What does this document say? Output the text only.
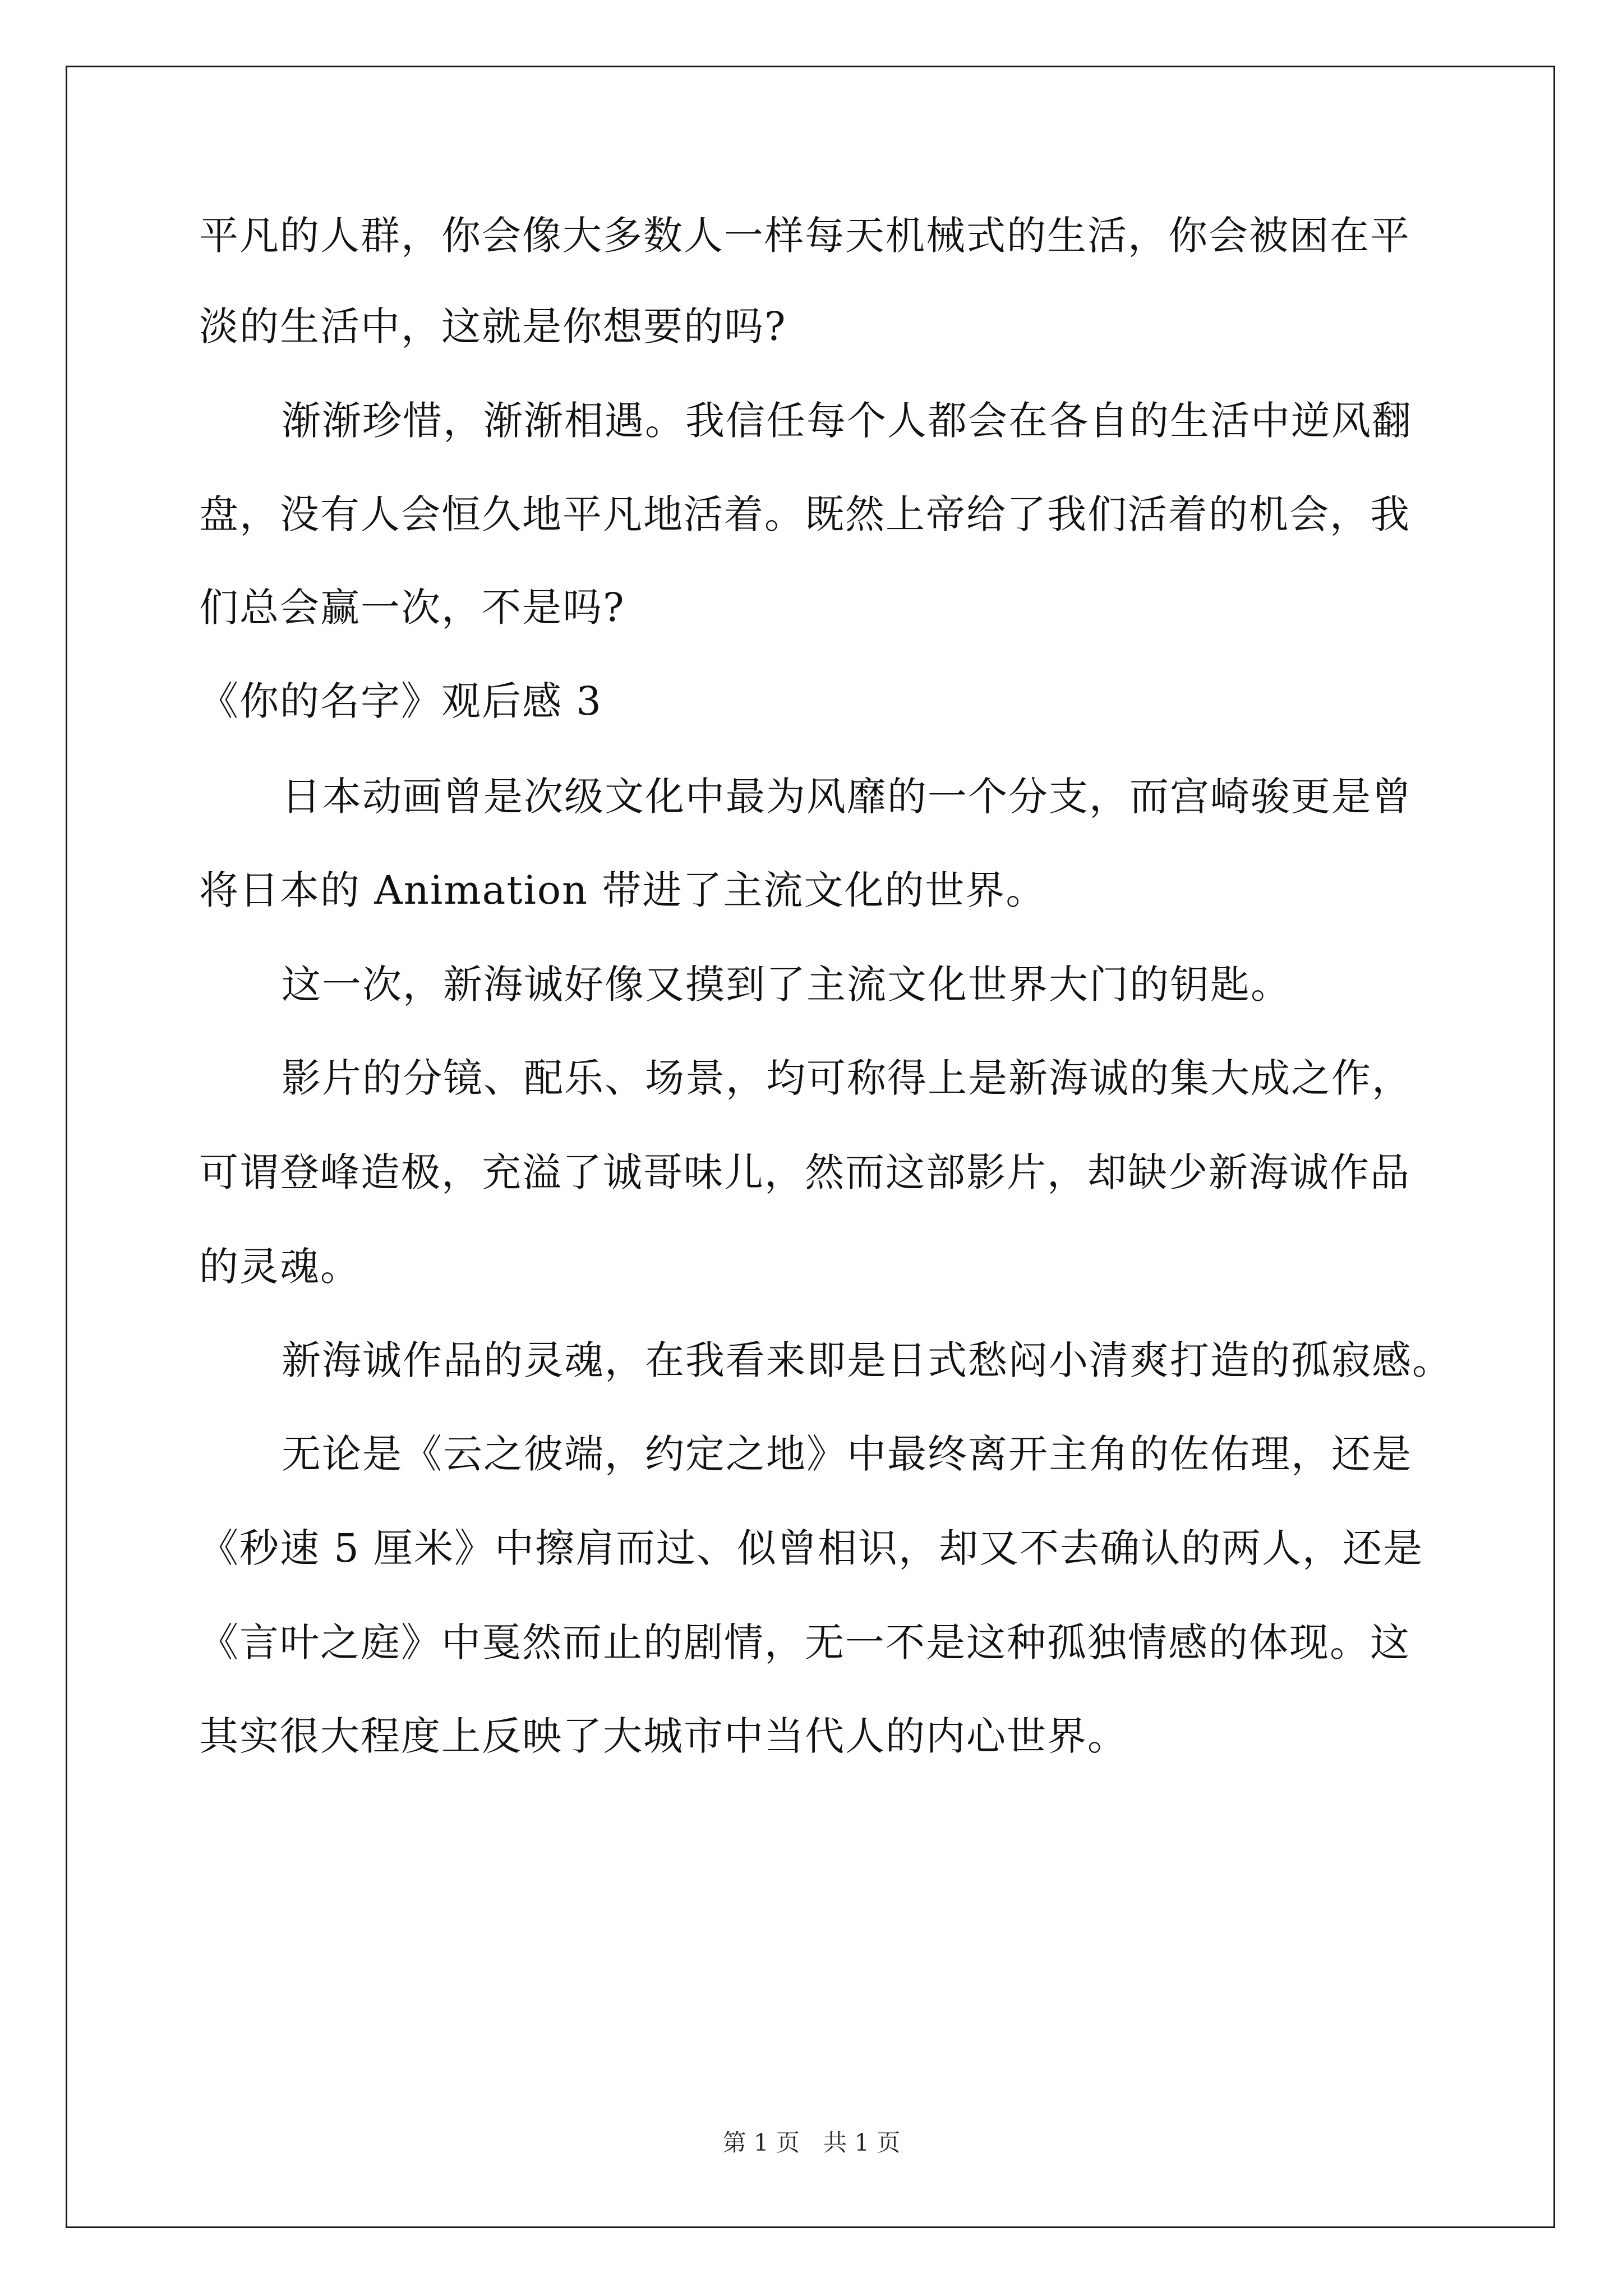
平凡的人群，你会像大多数人一样每天机械式的生活，你会被困在平
淡的生活中，这就是你想要的吗?
渐渐珍惜，渐渐相遇。我信任每个人都会在各自的生活中逆风翻
盘，没有人会恒久地平凡地活着。既然上帝给了我们活着的机会，我
们总会赢一次，不是吗?
《你的名字》观后感 3
日本动画曾是次级文化中最为风靡的一个分支，而宫崎骏更是曾
将日本的 Animation 带进了主流文化的世界。
这一次，新海诚好像又摸到了主流文化世界大门的钥匙。
影片的分镜、配乐、场景，均可称得上是新海诚的集大成之作，
可谓登峰造极，充溢了诚哥味儿，然而这部影片，却缺少新海诚作品
的灵魂。
新海诚作品的灵魂，在我看来即是日式愁闷小清爽打造的孤寂感。
无论是《云之彼端，约定之地》中最终离开主角的佐佑理，还是
《秒速 5 厘米》中擦肩而过、似曾相识，却又不去确认的两人，还是
《言叶之庭》中戛然而止的剧情，无一不是这种孤独情感的体现。这
其实很大程度上反映了大城市中当代人的内心世界。
第 1 页　共 1 页
